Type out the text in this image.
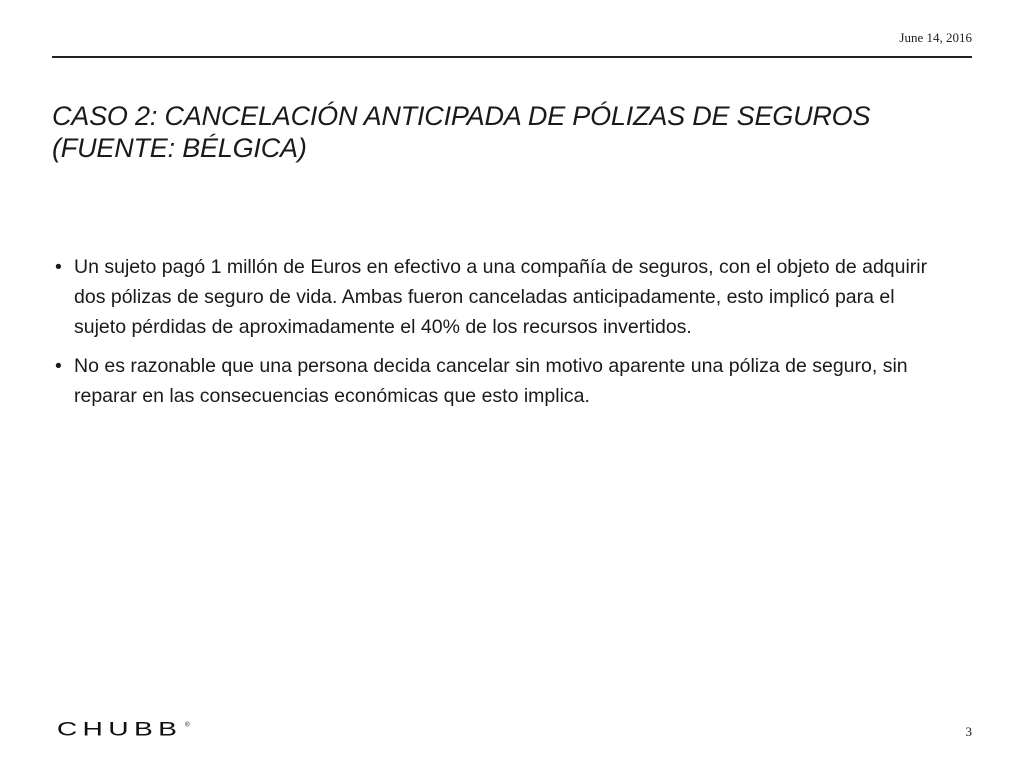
June 14, 2016
CASO 2: CANCELACIÓN ANTICIPADA DE PÓLIZAS DE SEGUROS (FUENTE: BÉLGICA)
• Un sujeto pagó 1 millón de Euros en efectivo a una compañía de seguros, con el objeto de adquirir dos pólizas de seguro de vida. Ambas fueron canceladas anticipadamente, esto implicó para el sujeto pérdidas de aproximadamente el 40% de los recursos invertidos.
• No es razonable que una persona decida cancelar sin motivo aparente una póliza de seguro, sin reparar en las consecuencias económicas que esto implica.
CHUBB ®	3
